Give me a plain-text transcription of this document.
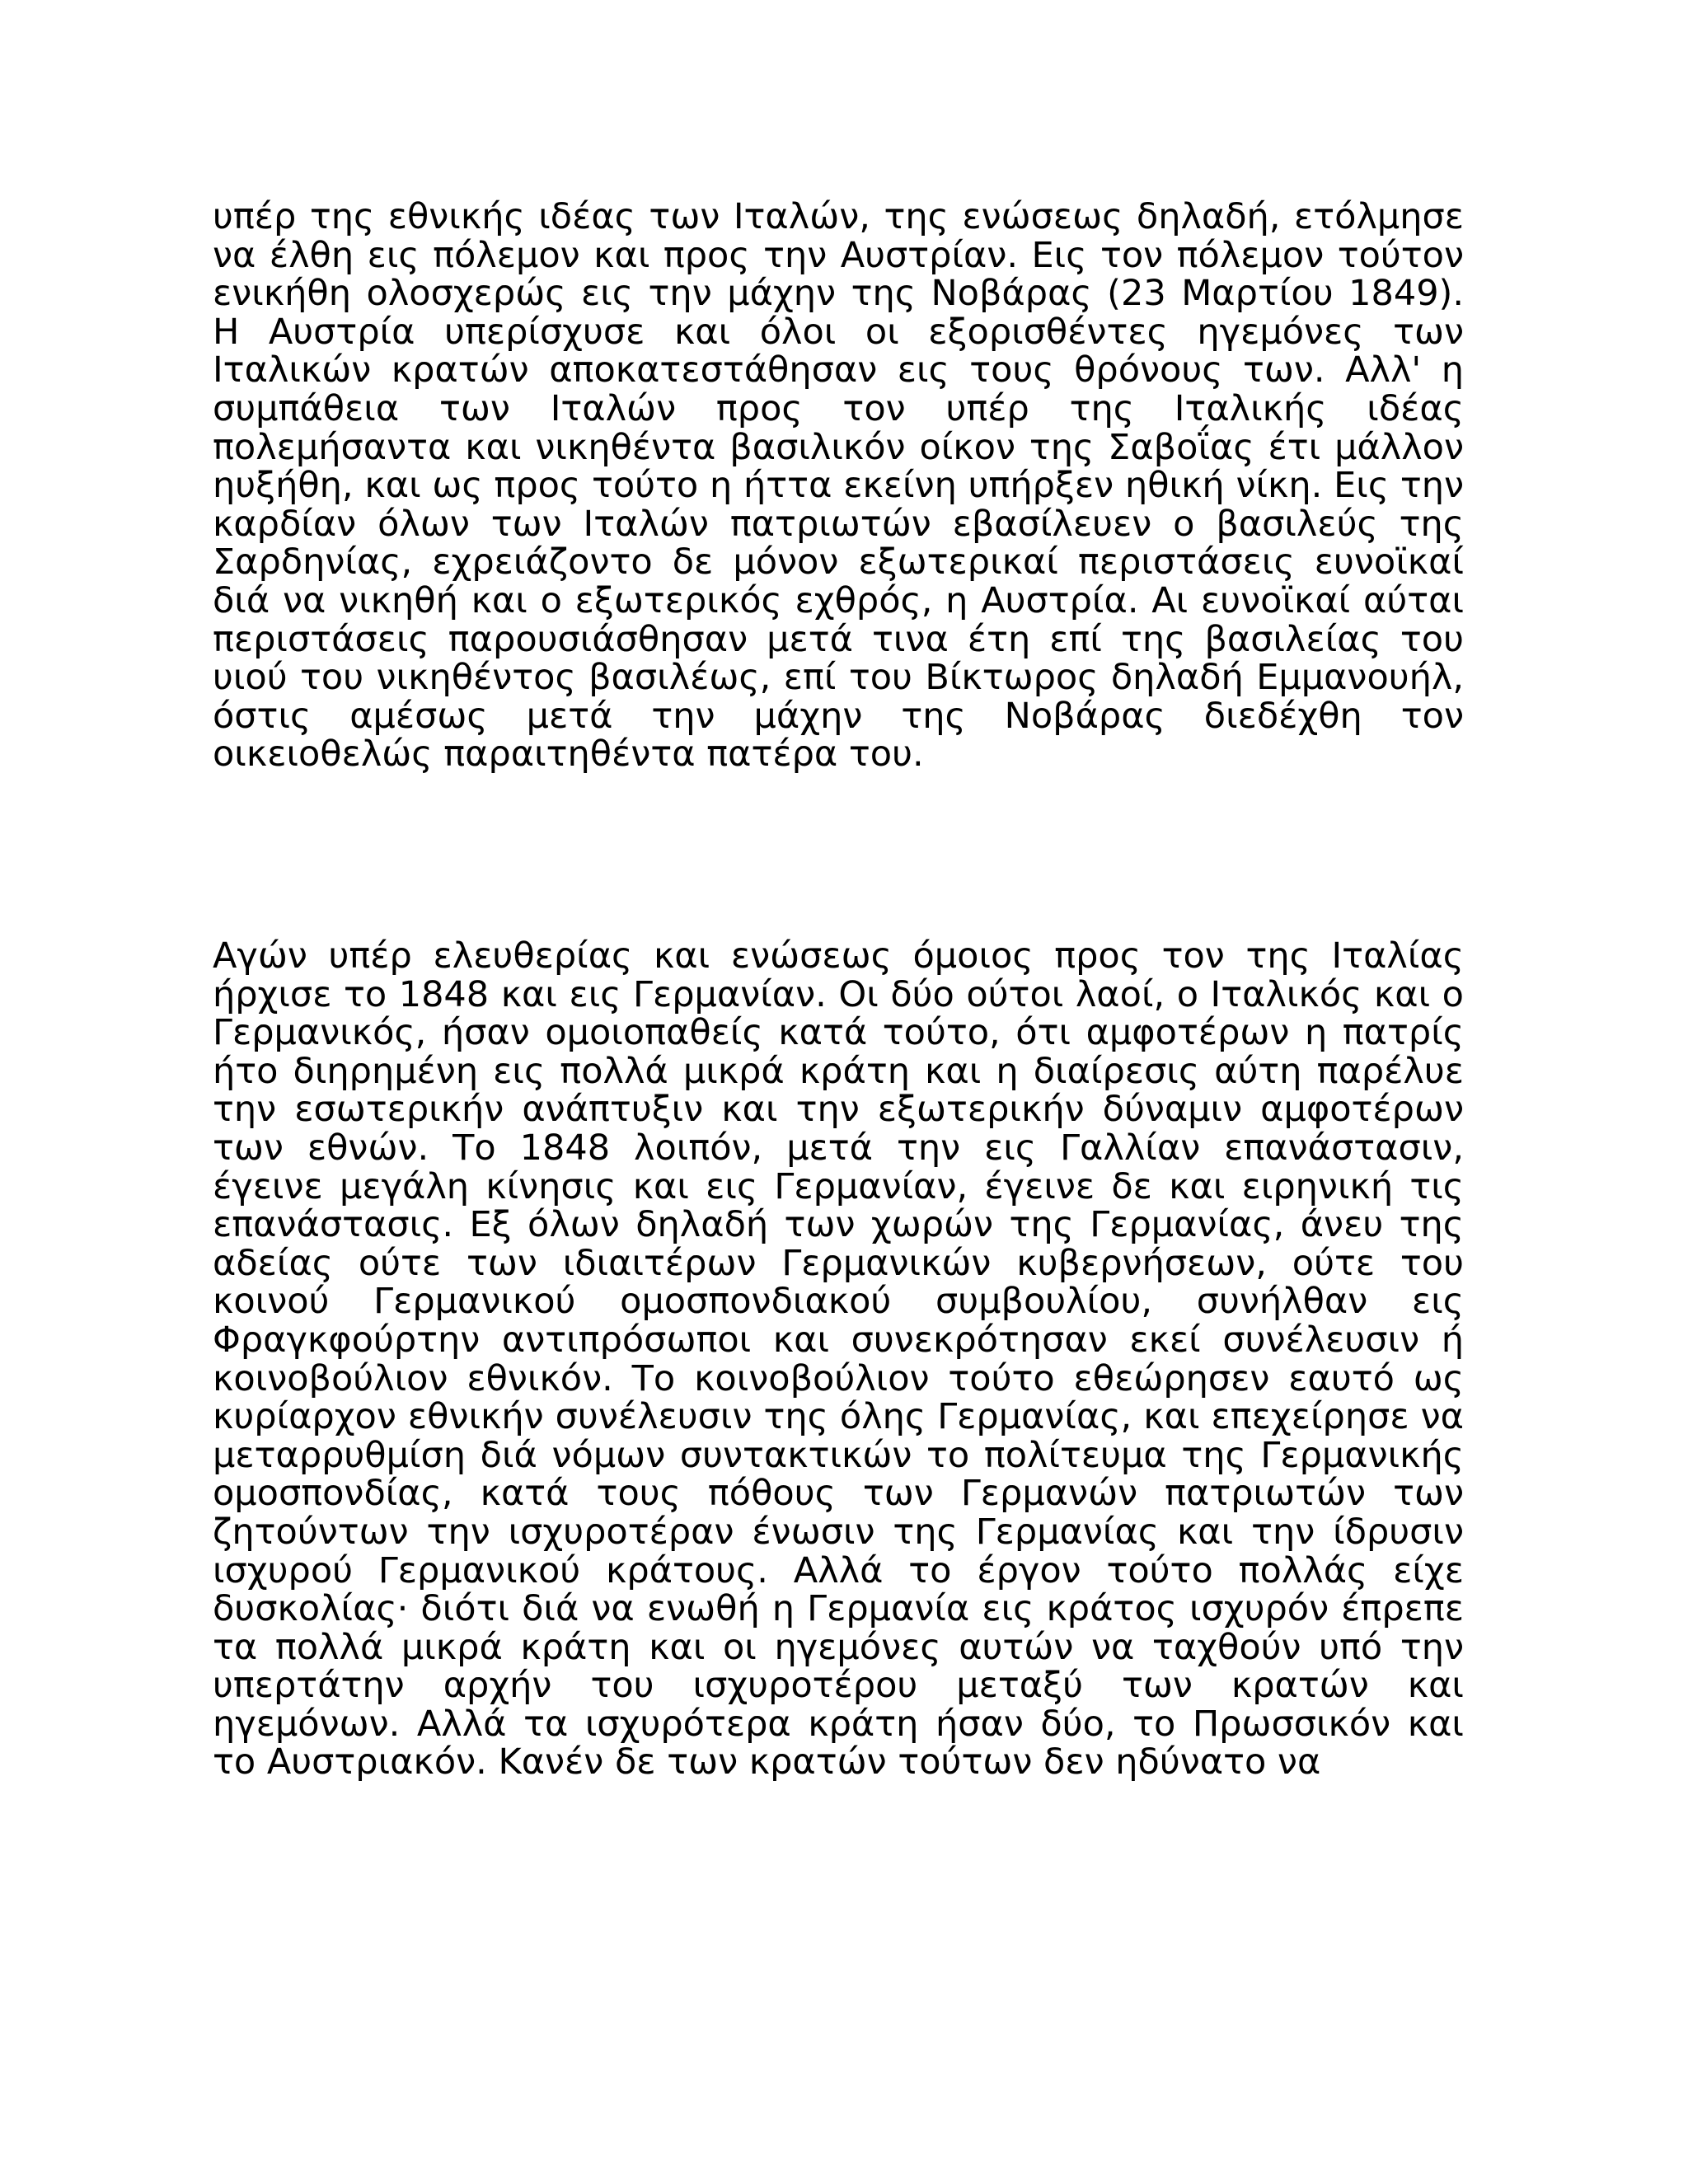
υπέρ της εθνικής ιδέας των Ιταλών, της ενώσεως δηλαδή, ετόλμησε να έλθη εις πόλεμον και προς την Αυστρίαν. Εις τον πόλεμον τούτον ενικήθη ολοσχερώς εις την μάχην της Νοβάρας (23 Μαρτίου 1849). Η Αυστρία υπερίσχυσε και όλοι οι εξορισθέντες ηγεμόνες των Ιταλικών κρατών αποκατεστάθησαν εις τους θρόνους των. Αλλ' η συμπάθεια των Ιταλών προς τον υπέρ της Ιταλικής ιδέας πολεμήσαντα και νικηθέντα βασιλικόν οίκον της Σαβοΐας έτι μάλλον ηυξήθη, και ως προς τούτο η ήττα εκείνη υπήρξεν ηθική νίκη. Εις την καρδίαν όλων των Ιταλών πατριωτών εβασίλευεν ο βασιλεύς της Σαρδηνίας, εχρειάζοντο δε μόνον εξωτερικαί περιστάσεις ευνοϊκαί διά να νικηθή και ο εξωτερικός εχθρός, η Αυστρία. Αι ευνοϊκαί αύται περιστάσεις παρουσιάσθησαν μετά τινα έτη επί της βασιλείας του υιού του νικηθέντος βασιλέως, επί του Βίκτωρος δηλαδή Εμμανουήλ, όστις αμέσως μετά την μάχην της Νοβάρας διεδέχθη τον οικειοθελώς παραιτηθέντα πατέρα του.

Αγών υπέρ ελευθερίας και ενώσεως όμοιος προς τον της Ιταλίας ήρχισε το 1848 και εις Γερμανίαν. Οι δύο ούτοι λαοί, ο Ιταλικός και ο Γερμανικός, ήσαν ομοιοπαθείς κατά τούτο, ότι αμφοτέρων η πατρίς ήτο διηρημένη εις πολλά μικρά κράτη και η διαίρεσις αύτη παρέλυε την εσωτερικήν ανάπτυξιν και την εξωτερικήν δύναμιν αμφοτέρων των εθνών. Το 1848 λοιπόν, μετά την εις Γαλλίαν επανάστασιν, έγεινε μεγάλη κίνησις και εις Γερμανίαν, έγεινε δε και ειρηνική τις επανάστασις. Εξ όλων δηλαδή των χωρών της Γερμανίας, άνευ της αδείας ούτε των ιδιαιτέρων Γερμανικών κυβερνήσεων, ούτε του κοινού Γερμανικού ομοσπονδιακού συμβουλίου, συνήλθαν εις Φραγκφούρτην αντιπρόσωποι και συνεκρότησαν εκεί συνέλευσιν ή κοινοβούλιον εθνικόν. Το κοινοβούλιον τούτο εθεώρησεν εαυτό ως κυρίαρχον εθνικήν συνέλευσιν της όλης Γερμανίας, και επεχείρησε να μεταρρυθμίση διά νόμων συντακτικών το πολίτευμα της Γερμανικής ομοσπονδίας, κατά τους πόθους των Γερμανών πατριωτών των ζητούντων την ισχυροτέραν ένωσιν της Γερμανίας και την ίδρυσιν ισχυρού Γερμανικού κράτους. Αλλά το έργον τούτο πολλάς είχε δυσκολίας· διότι διά να ενωθή η Γερμανία εις κράτος ισχυρόν έπρεπε τα πολλά μικρά κράτη και οι ηγεμόνες αυτών να ταχθούν υπό την υπερτάτην αρχήν του ισχυροτέρου μεταξύ των κρατών και ηγεμόνων. Αλλά τα ισχυρότερα κράτη ήσαν δύο, το Πρωσσικόν και το Αυστριακόν. Κανέν δε των κρατών τούτων δεν ηδύνατο να
